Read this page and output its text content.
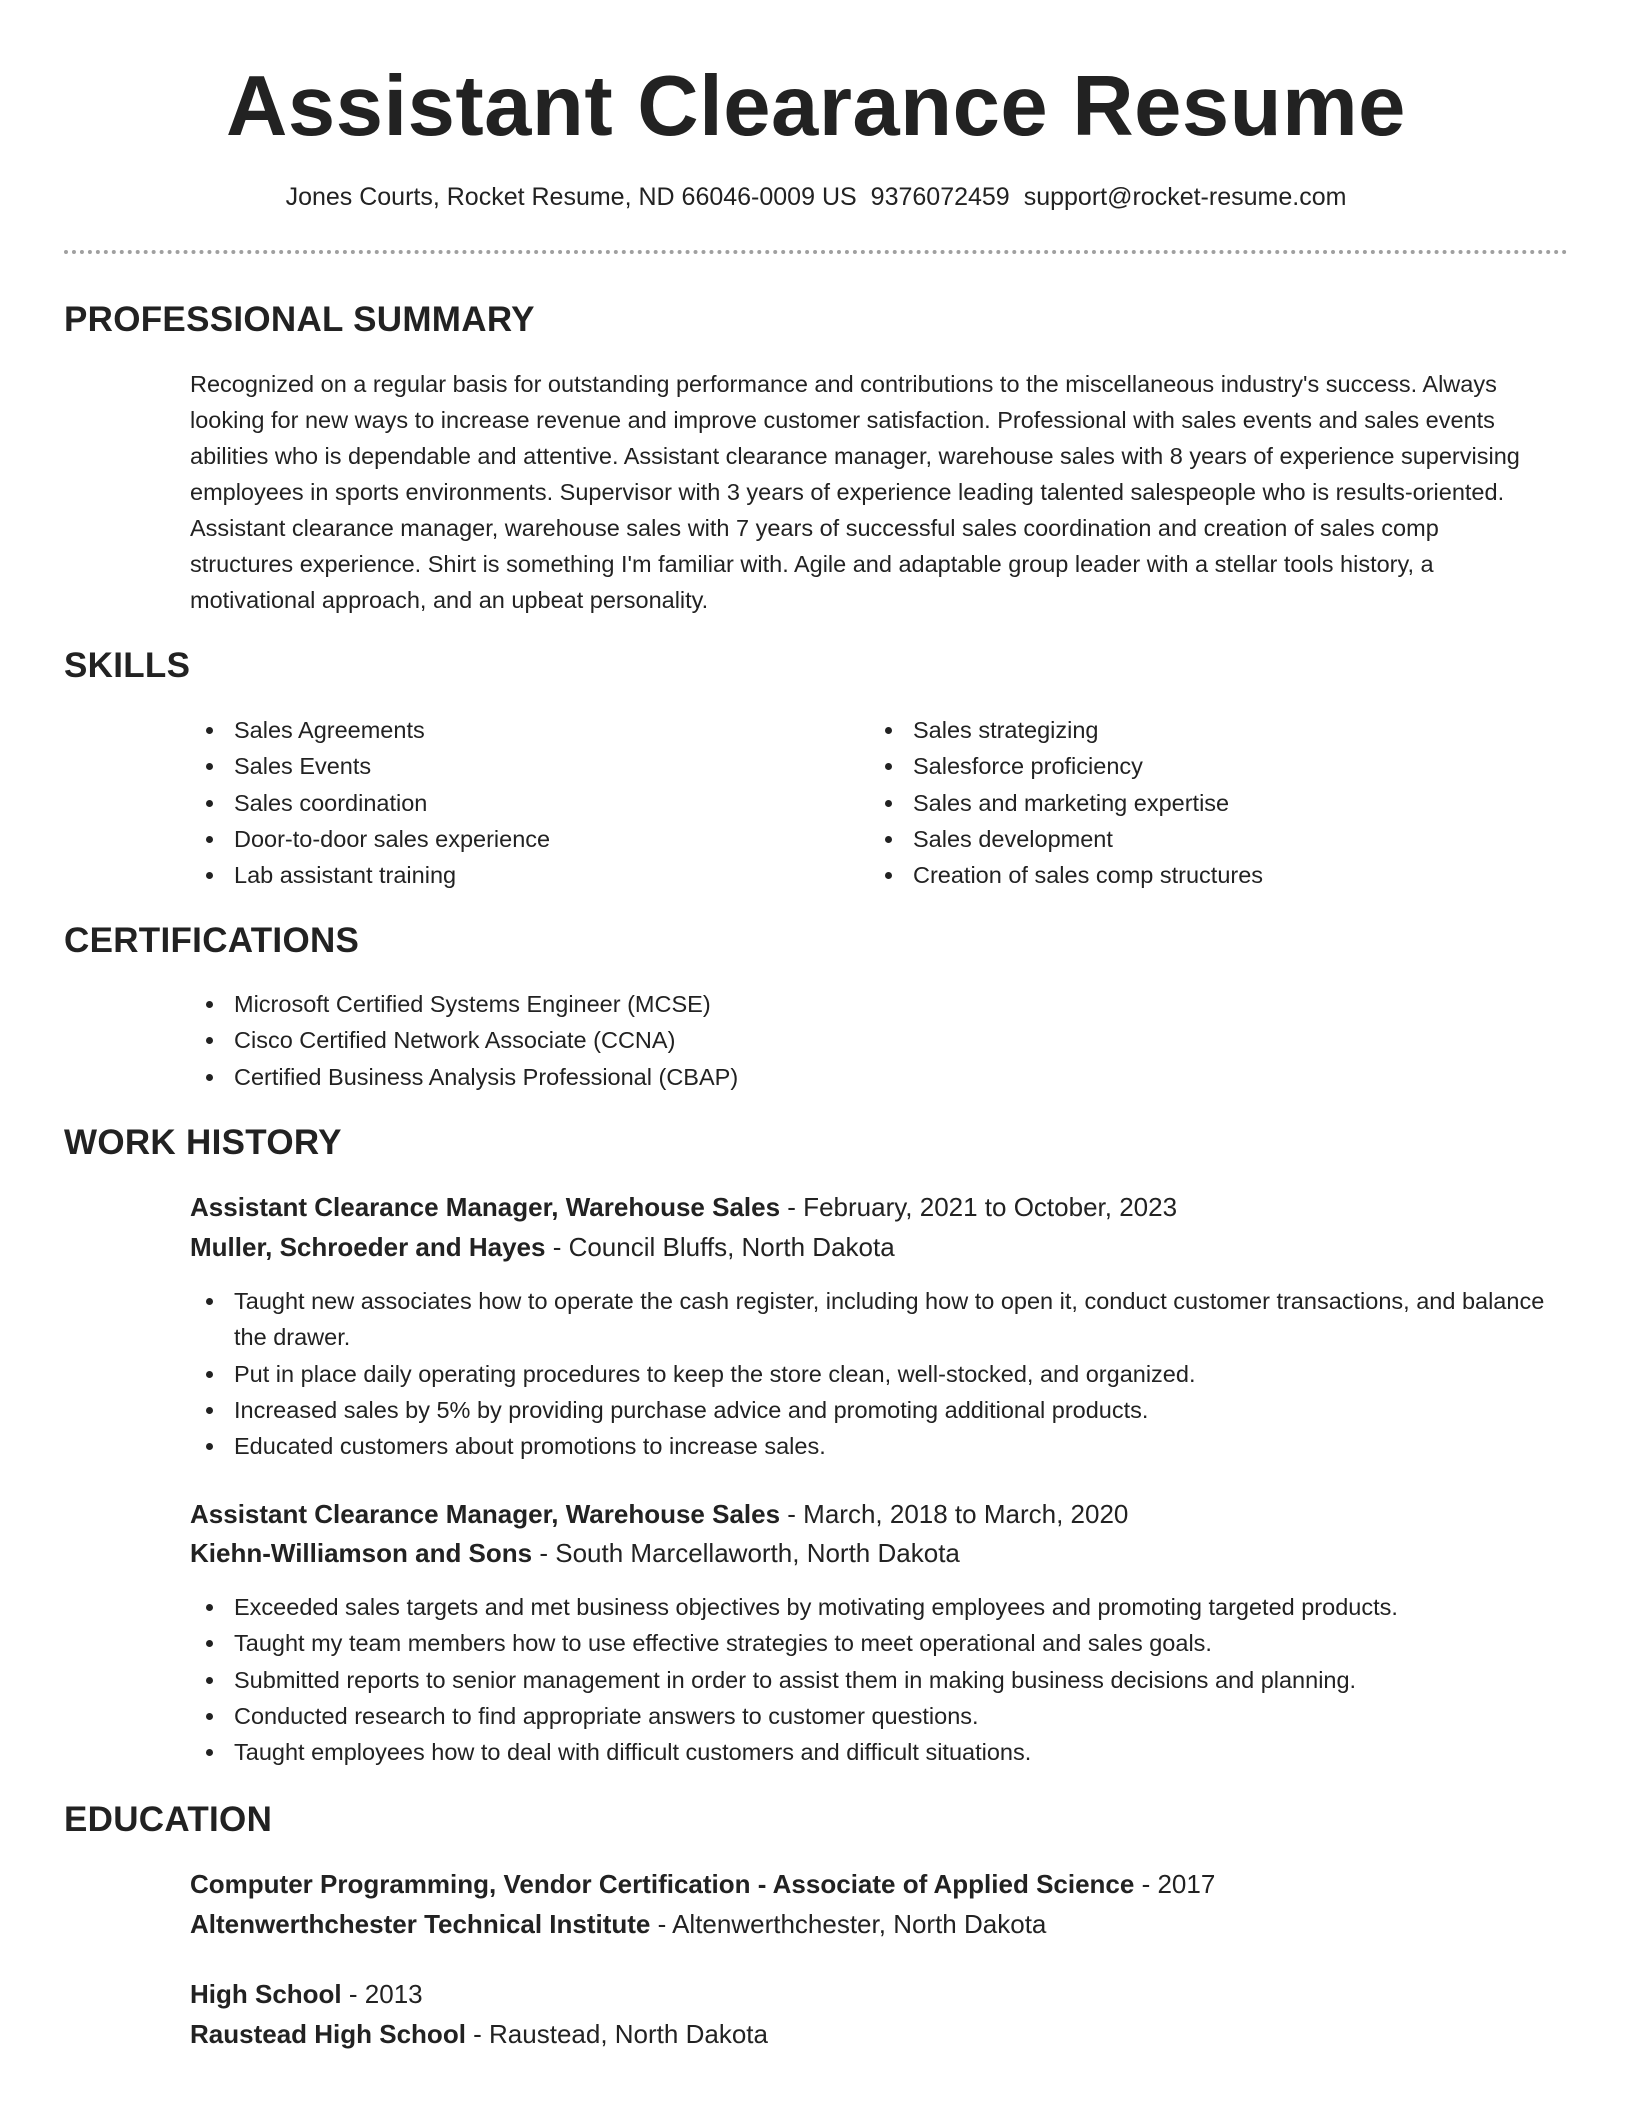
Assistant Clearance Resume
Jones Courts, Rocket Resume, ND 66046-0009 US 9376072459 support@rocket-resume.com
PROFESSIONAL SUMMARY

Recognized on a regular basis for outstanding performance and contributions to the miscellaneous industry's success. Always looking for new ways to increase revenue and improve customer satisfaction. Professional with sales events and sales events abilities who is dependable and attentive. Assistant clearance manager, warehouse sales with 8 years of experience supervising employees in sports environments. Supervisor with 3 years of experience leading talented salespeople who is results-oriented. Assistant clearance manager, warehouse sales with 7 years of successful sales coordination and creation of sales comp structures experience. Shirt is something I'm familiar with. Agile and adaptable group leader with a stellar tools history, a motivational approach, and an upbeat personality.

SKILLS
Sales Agreements
Sales Events
Sales coordination
Door-to-door sales experience
Lab assistant training
Sales strategizing
Salesforce proficiency
Sales and marketing expertise
Sales development
Creation of sales comp structures
CERTIFICATIONS
Microsoft Certified Systems Engineer (MCSE)
Cisco Certified Network Associate (CCNA)
Certified Business Analysis Professional (CBAP)
WORK HISTORY
Assistant Clearance Manager, Warehouse Sales - February, 2021 to October, 2023
Muller, Schroeder and Hayes - Council Bluffs, North Dakota
Taught new associates how to operate the cash register, including how to open it, conduct customer transactions, and balance the drawer.
Put in place daily operating procedures to keep the store clean, well-stocked, and organized.
Increased sales by 5% by providing purchase advice and promoting additional products.
Educated customers about promotions to increase sales.
Assistant Clearance Manager, Warehouse Sales - March, 2018 to March, 2020
Kiehn-Williamson and Sons - South Marcellaworth, North Dakota
Exceeded sales targets and met business objectives by motivating employees and promoting targeted products.
Taught my team members how to use effective strategies to meet operational and sales goals.
Submitted reports to senior management in order to assist them in making business decisions and planning.
Conducted research to find appropriate answers to customer questions.
Taught employees how to deal with difficult customers and difficult situations.
EDUCATION
Computer Programming, Vendor Certification - Associate of Applied Science - 2017
Altenwerthchester Technical Institute - Altenwerthchester, North Dakota
High School - 2013
Raustead High School - Raustead, North Dakota
